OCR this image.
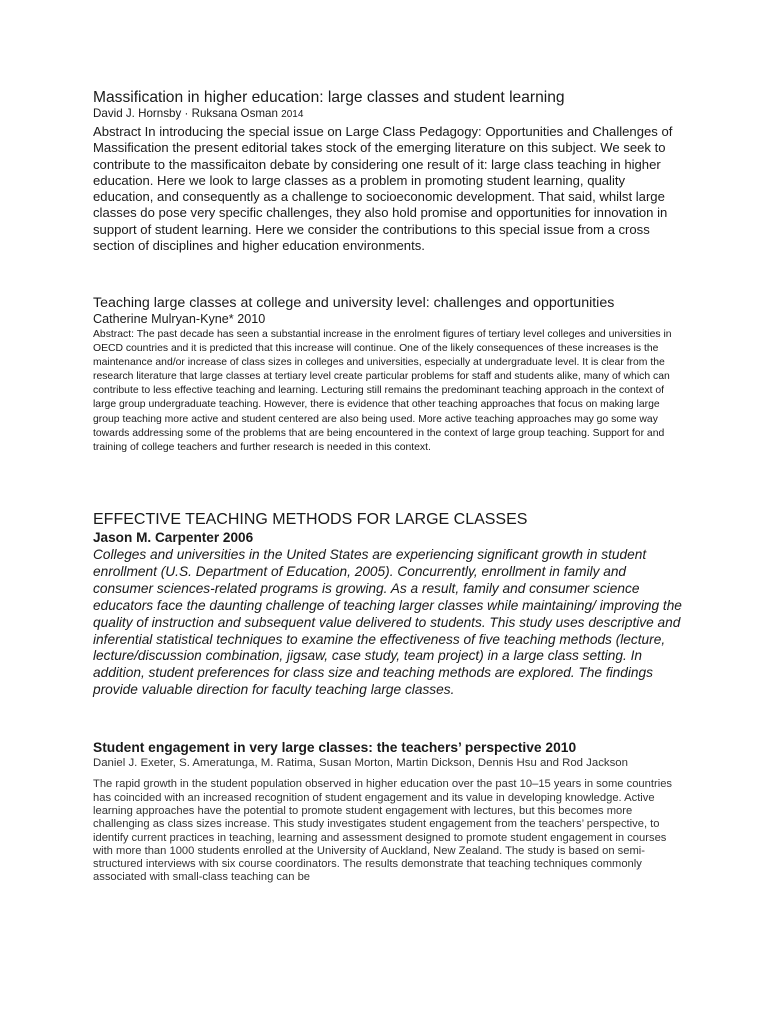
Massification in higher education: large classes and student learning

David J. Hornsby · Ruksana Osman 2014

Abstract In introducing the special issue on Large Class Pedagogy: Opportunities and Challenges of Massification the present editorial takes stock of the emerging literature on this subject. We seek to contribute to the massificaiton debate by considering one result of it: large class teaching in higher education. Here we look to large classes as a problem in promoting student learning, quality education, and consequently as a challenge to socioeconomic development. That said, whilst large classes do pose very specific challenges, they also hold promise and opportunities for innovation in support of student learning. Here we consider the contributions to this special issue from a cross section of disciplines and higher education environments.

Teaching large classes at college and university level: challenges and opportunities

Catherine Mulryan-Kyne* 2010

Abstract: The past decade has seen a substantial increase in the enrolment figures of tertiary level colleges and universities in OECD countries and it is predicted that this increase will continue. One of the likely consequences of these increases is the maintenance and/or increase of class sizes in colleges and universities, especially at undergraduate level. It is clear from the research literature that large classes at tertiary level create particular problems for staff and students alike, many of which can contribute to less effective teaching and learning. Lecturing still remains the predominant teaching approach in the context of large group undergraduate teaching. However, there is evidence that other teaching approaches that focus on making large group teaching more active and student centered are also being used. More active teaching approaches may go some way towards addressing some of the problems that are being encountered in the context of large group teaching. Support for and training of college teachers and further research is needed in this context.

EFFECTIVE TEACHING METHODS FOR LARGE CLASSES

Jason M. Carpenter 2006

Colleges and universities in the United States are experiencing significant growth in student enrollment (U.S. Department of Education, 2005). Concurrently, enrollment in family and consumer sciences-related programs is growing. As a result, family and consumer science educators face the daunting challenge of teaching larger classes while maintaining/ improving the quality of instruction and subsequent value delivered to students. This study uses descriptive and inferential statistical techniques to examine the effectiveness of five teaching methods (lecture, lecture/discussion combination, jigsaw, case study, team project) in a large class setting. In addition, student preferences for class size and teaching methods are explored. The findings provide valuable direction for faculty teaching large classes.

Student engagement in very large classes: the teachers’ perspective 2010

Daniel J. Exeter, S. Ameratunga, M. Ratima, Susan Morton, Martin Dickson, Dennis Hsu and Rod Jackson

The rapid growth in the student population observed in higher education over the past 10–15 years in some countries has coincided with an increased recognition of student engagement and its value in developing knowledge. Active learning approaches have the potential to promote student engagement with lectures, but this becomes more challenging as class sizes increase. This study investigates student engagement from the teachers’ perspective, to identify current practices in teaching, learning and assessment designed to promote student engagement in courses with more than 1000 students enrolled at the University of Auckland, New Zealand. The study is based on semi-structured interviews with six course coordinators. The results demonstrate that teaching techniques commonly associated with small-class teaching can be
